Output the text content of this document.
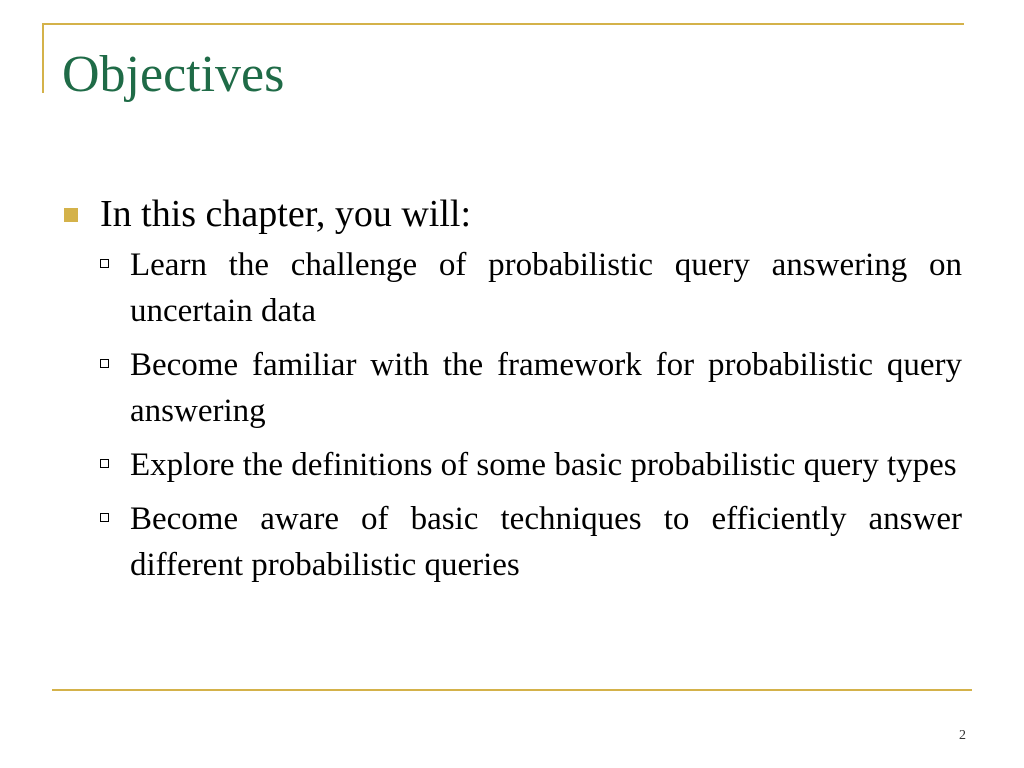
Objectives
In this chapter, you will:
Learn the challenge of probabilistic query answering on uncertain data
Become familiar with the framework for probabilistic query answering
Explore the definitions of some basic probabilistic query types
Become aware of basic techniques to efficiently answer different probabilistic queries
2
